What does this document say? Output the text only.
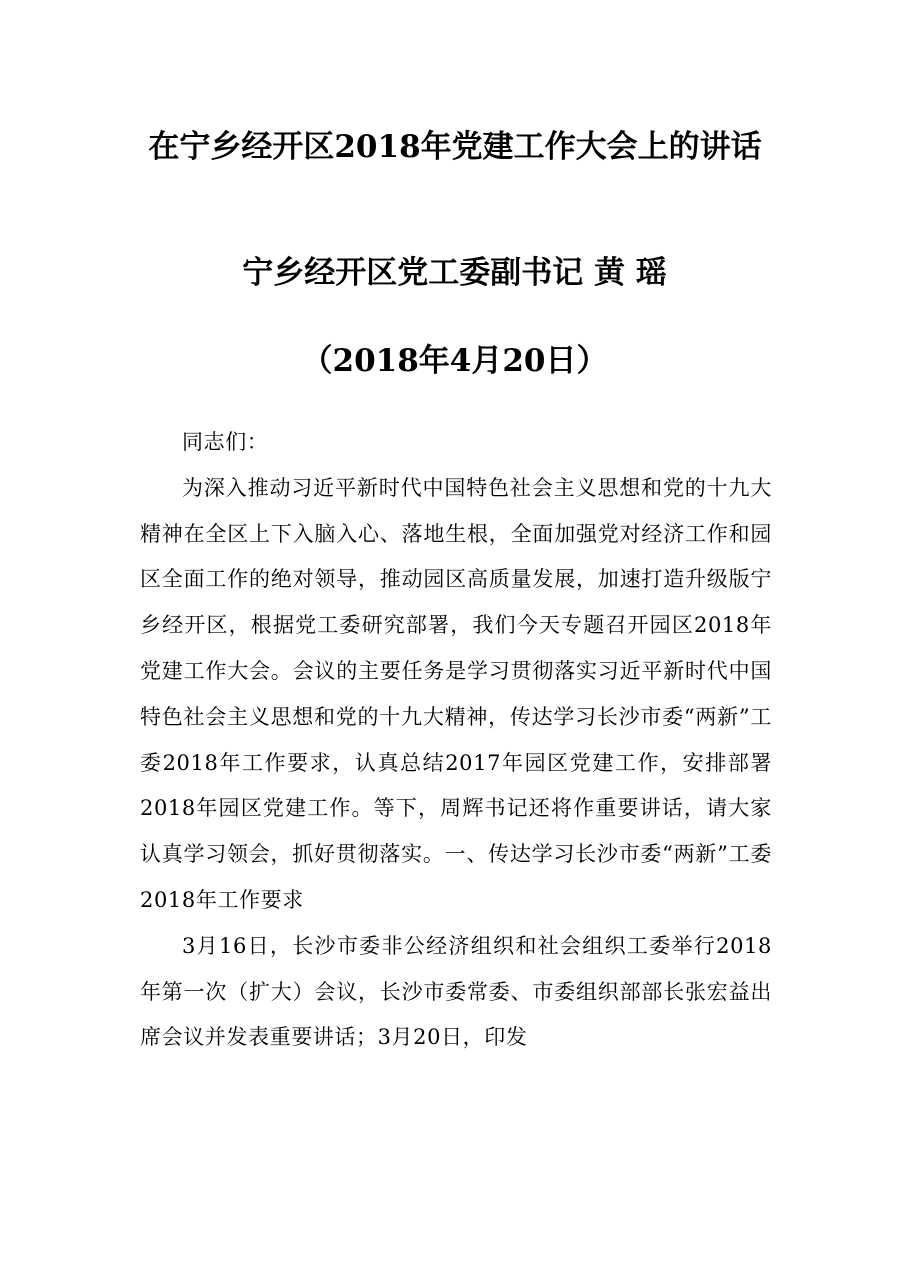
在宁乡经开区2018年党建工作大会上的讲话
宁乡经开区党工委副书记 黄 瑶
（2018年4月20日）

同志们：

为深入推动习近平新时代中国特色社会主义思想和党的十九大精神在全区上下入脑入心、落地生根，全面加强党对经济工作和园区全面工作的绝对领导，推动园区高质量发展，加速打造升级版宁乡经开区，根据党工委研究部署，我们今天专题召开园区2018年党建工作大会。会议的主要任务是学习贯彻落实习近平新时代中国特色社会主义思想和党的十九大精神，传达学习长沙市委“两新”工委2018年工作要求，认真总结2017年园区党建工作，安排部署2018年园区党建工作。等下，周辉书记还将作重要讲话，请大家认真学习领会，抓好贯彻落实。一、传达学习长沙市委“两新”工委2018年工作要求

3月16日，长沙市委非公经济组织和社会组织工委举行2018年第一次（扩大）会议，长沙市委常委、市委组织部部长张宏益出席会议并发表重要讲话；3月20日，印发
